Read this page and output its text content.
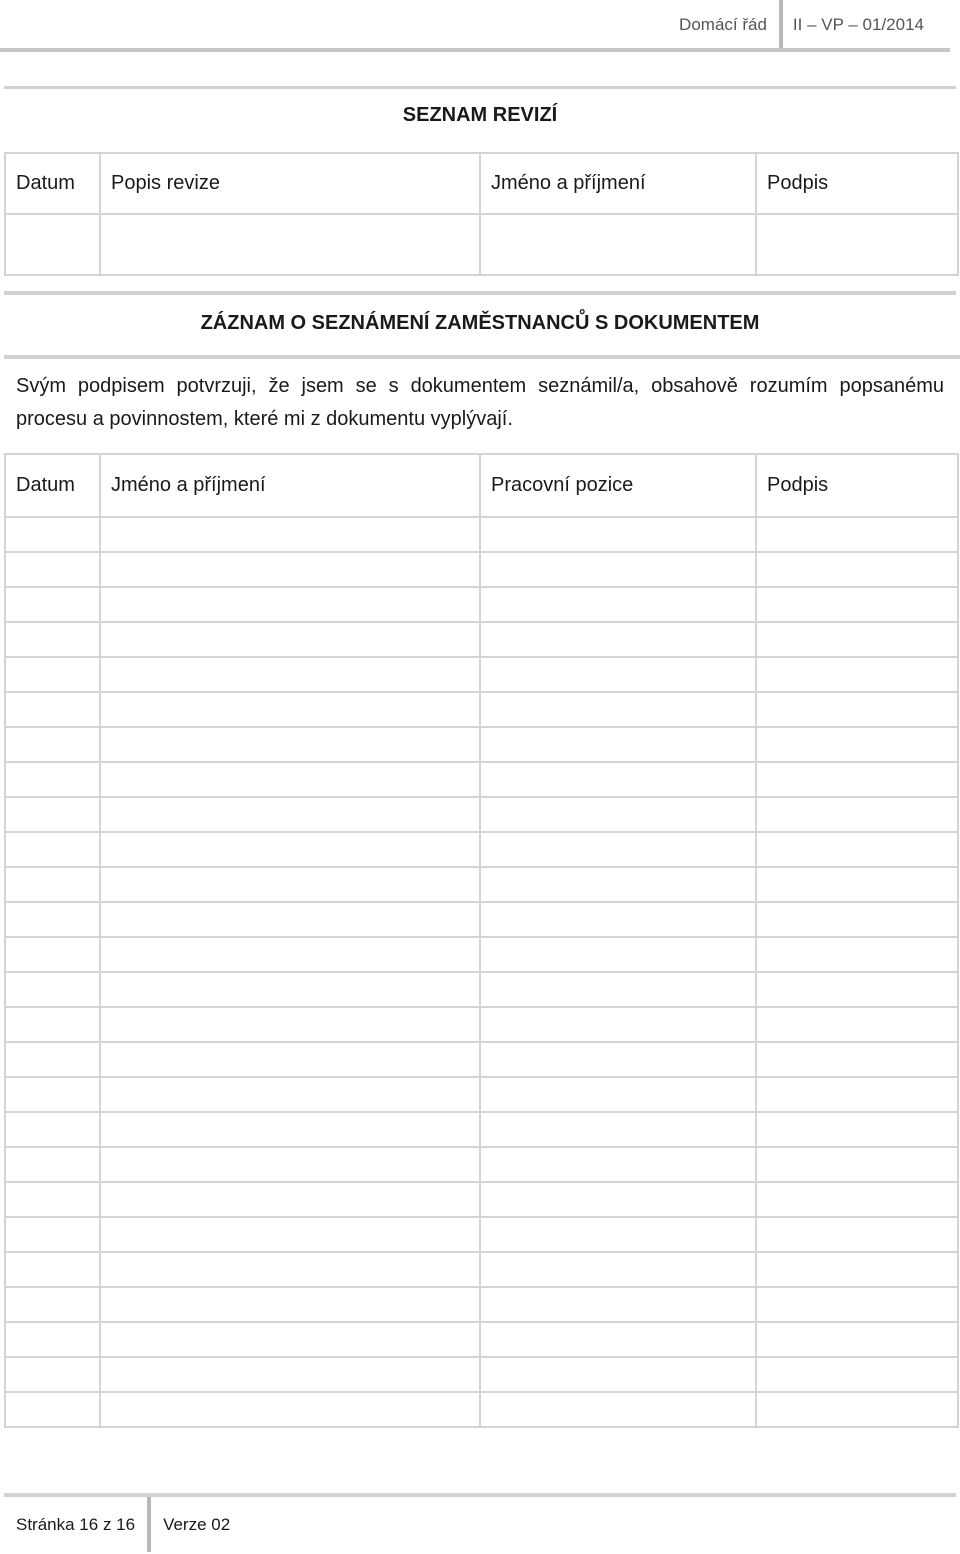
Domácí řád	II – VP – 01/2014
SEZNAM REVIZÍ
Datum	Popis revize	Jméno a příjmení	Podpis

ZÁZNAM O SEZNÁMENÍ ZAMĚSTNANCŮ S DOKUMENTEM
Svým podpisem potvrzuji, že jsem se s dokumentem seznámil/a, obsahově rozumím popsanému procesu a povinnostem, které mi z dokumentu vyplývají.
Datum	Jméno a příjmení	Pracovní pozice	Podpis

Stránka 16 z 16	Verze 02
